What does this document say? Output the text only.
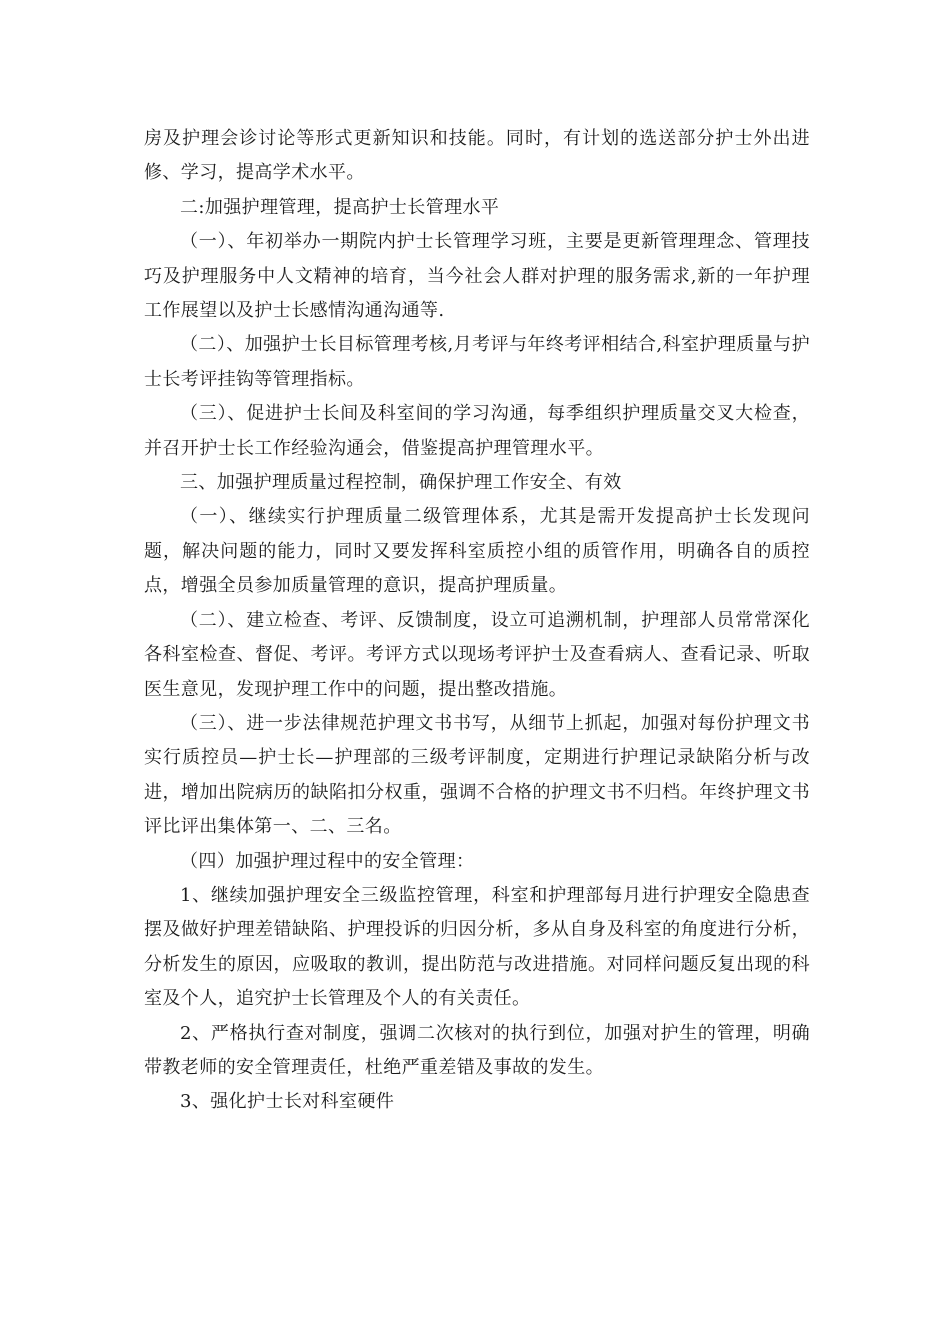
房及护理会诊讨论等形式更新知识和技能。同时，有计划的选送部分护士外出进修、学习，提高学术水平。

二:加强护理管理，提高护士长管理水平

（一）、年初举办一期院内护士长管理学习班，主要是更新管理理念、管理技巧及护理服务中人文精神的培育，当今社会人群对护理的服务需求,新的一年护理工作展望以及护士长感情沟通沟通等.

（二）、加强护士长目标管理考核,月考评与年终考评相结合,科室护理质量与护士长考评挂钩等管理指标。

（三）、促进护士长间及科室间的学习沟通，每季组织护理质量交叉大检查，并召开护士长工作经验沟通会，借鉴提高护理管理水平。

三、加强护理质量过程控制，确保护理工作安全、有效

（一）、继续实行护理质量二级管理体系，尤其是需开发提高护士长发现问题，解决问题的能力，同时又要发挥科室质控小组的质管作用，明确各自的质控点，增强全员参加质量管理的意识，提高护理质量。

（二）、建立检查、考评、反馈制度，设立可追溯机制，护理部人员常常深化各科室检查、督促、考评。考评方式以现场考评护士及查看病人、查看记录、听取医生意见，发现护理工作中的问题，提出整改措施。

（三）、进一步法律规范护理文书书写，从细节上抓起，加强对每份护理文书实行质控员—护士长—护理部的三级考评制度，定期进行护理记录缺陷分析与改进，增加出院病历的缺陷扣分权重，强调不合格的护理文书不归档。年终护理文书评比评出集体第一、二、三名。

（四）加强护理过程中的安全管理：

1、继续加强护理安全三级监控管理，科室和护理部每月进行护理安全隐患查摆及做好护理差错缺陷、护理投诉的归因分析，多从自身及科室的角度进行分析，分析发生的原因，应吸取的教训，提出防范与改进措施。对同样问题反复出现的科室及个人，追究护士长管理及个人的有关责任。

2、严格执行查对制度，强调二次核对的执行到位，加强对护生的管理，明确带教老师的安全管理责任，杜绝严重差错及事故的发生。

3、强化护士长对科室硬件
